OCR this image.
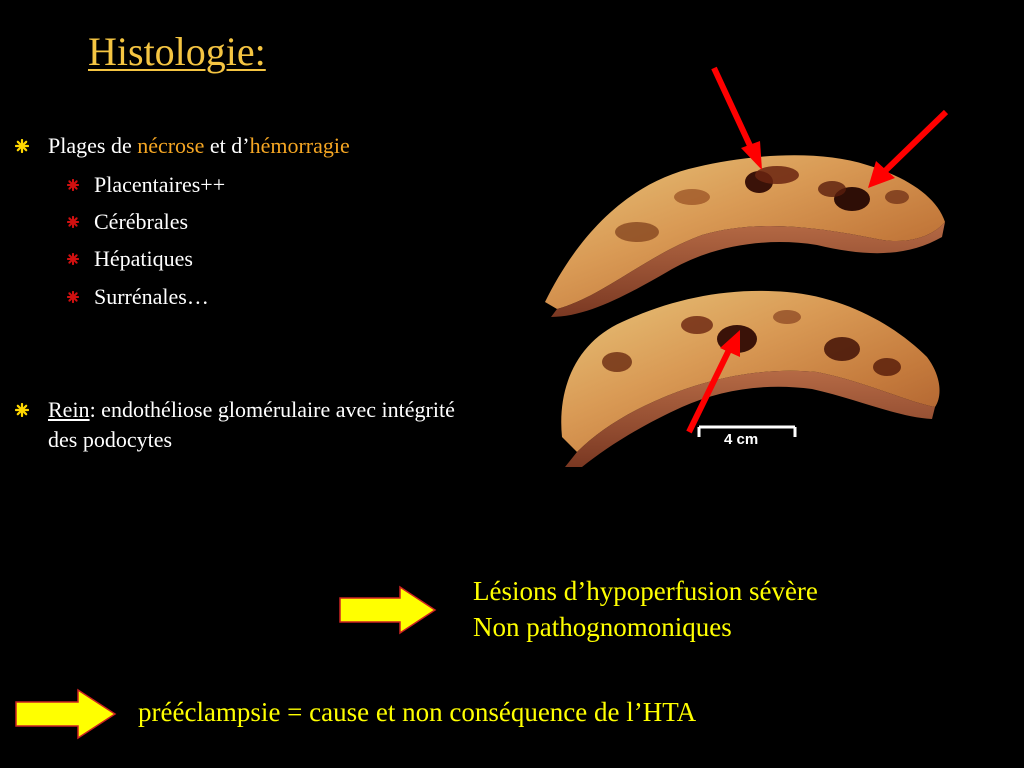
Histologie:
Plages de nécrose et d’hémorragie
Placentaires++
Cérébrales
Hépatiques
Surrénales…
Rein: endothéliose glomérulaire avec intégrité des podocytes	4 cm
Lésions d’hypoperfusion sévère
Non pathognomoniques
prééclampsie = cause et non conséquence de l’HTA
